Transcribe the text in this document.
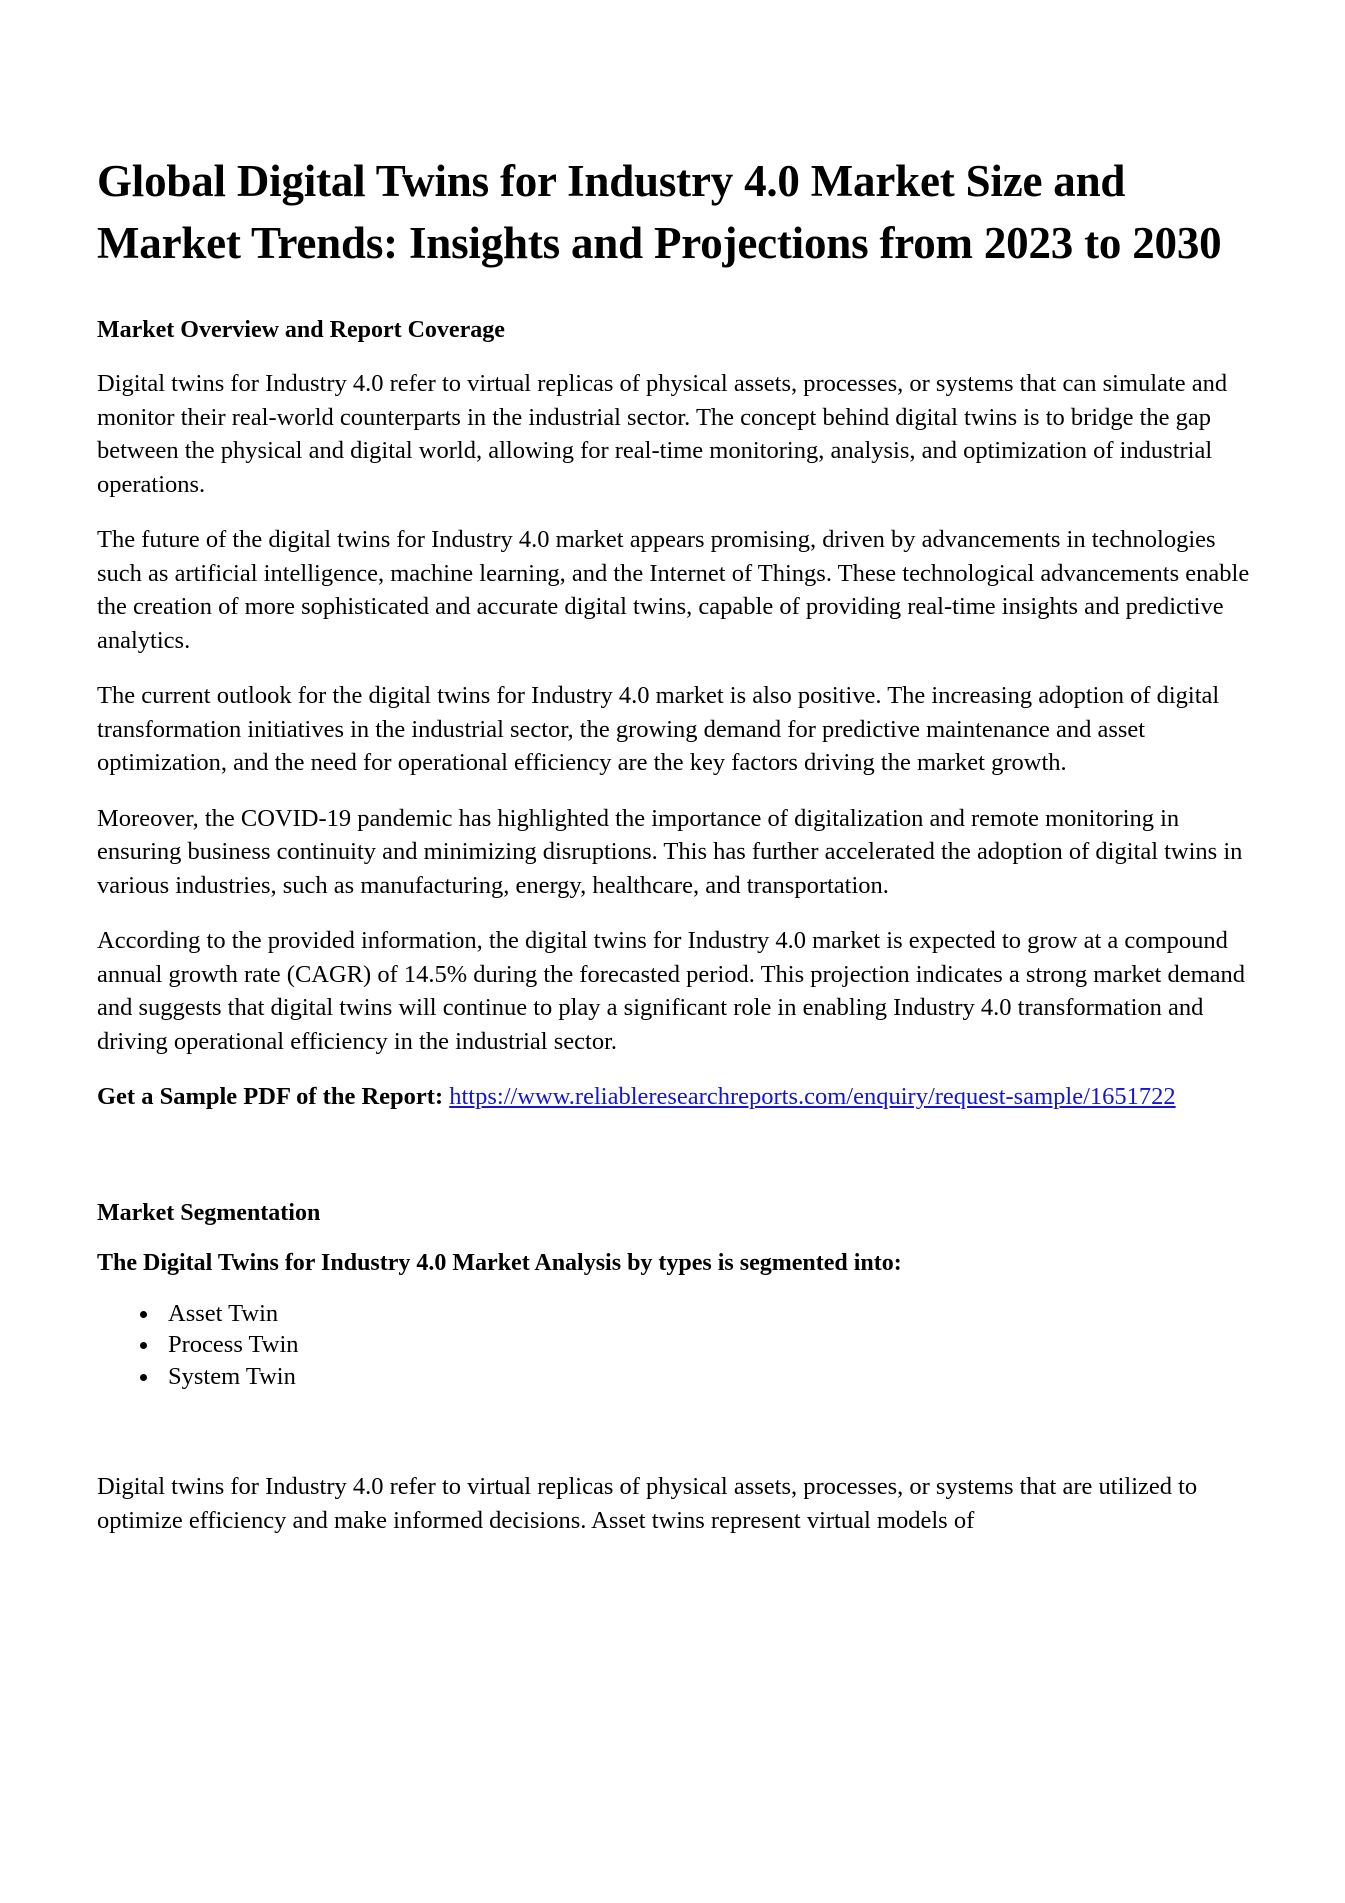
Global Digital Twins for Industry 4.0 Market Size and Market Trends: Insights and Projections from 2023 to 2030
Market Overview and Report Coverage

Digital twins for Industry 4.0 refer to virtual replicas of physical assets, processes, or systems that can simulate and monitor their real-world counterparts in the industrial sector. The concept behind digital twins is to bridge the gap between the physical and digital world, allowing for real-time monitoring, analysis, and optimization of industrial operations.

The future of the digital twins for Industry 4.0 market appears promising, driven by advancements in technologies such as artificial intelligence, machine learning, and the Internet of Things. These technological advancements enable the creation of more sophisticated and accurate digital twins, capable of providing real-time insights and predictive analytics.

The current outlook for the digital twins for Industry 4.0 market is also positive. The increasing adoption of digital transformation initiatives in the industrial sector, the growing demand for predictive maintenance and asset optimization, and the need for operational efficiency are the key factors driving the market growth.

Moreover, the COVID-19 pandemic has highlighted the importance of digitalization and remote monitoring in ensuring business continuity and minimizing disruptions. This has further accelerated the adoption of digital twins in various industries, such as manufacturing, energy, healthcare, and transportation.

According to the provided information, the digital twins for Industry 4.0 market is expected to grow at a compound annual growth rate (CAGR) of 14.5% during the forecasted period. This projection indicates a strong market demand and suggests that digital twins will continue to play a significant role in enabling Industry 4.0 transformation and driving operational efficiency in the industrial sector.

Get a Sample PDF of the Report: https://www.reliableresearchreports.com/enquiry/request-sample/1651722

Market Segmentation
The Digital Twins for Industry 4.0 Market Analysis by types is segmented into:
Asset Twin
Process Twin
System Twin

Digital twins for Industry 4.0 refer to virtual replicas of physical assets, processes, or systems that are utilized to optimize efficiency and make informed decisions. Asset twins represent virtual models of
